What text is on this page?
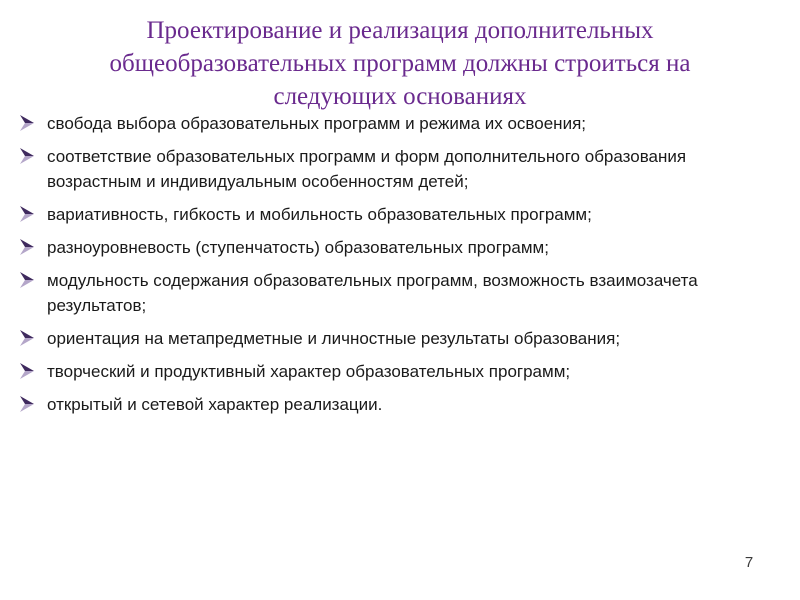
Проектирование и реализация дополнительных общеобразовательных программ должны строиться на следующих основаниях
свобода выбора образовательных программ и режима их освоения;
соответствие образовательных программ и форм дополнительного образования возрастным и индивидуальным особенностям детей;
вариативность, гибкость и мобильность образовательных программ;
разноуровневость (ступенчатость) образовательных программ;
модульность содержания образовательных программ, возможность взаимозачета результатов;
ориентация на метапредметные и личностные результаты образования;
творческий и продуктивный характер образовательных программ;
открытый и сетевой характер реализации.
7
